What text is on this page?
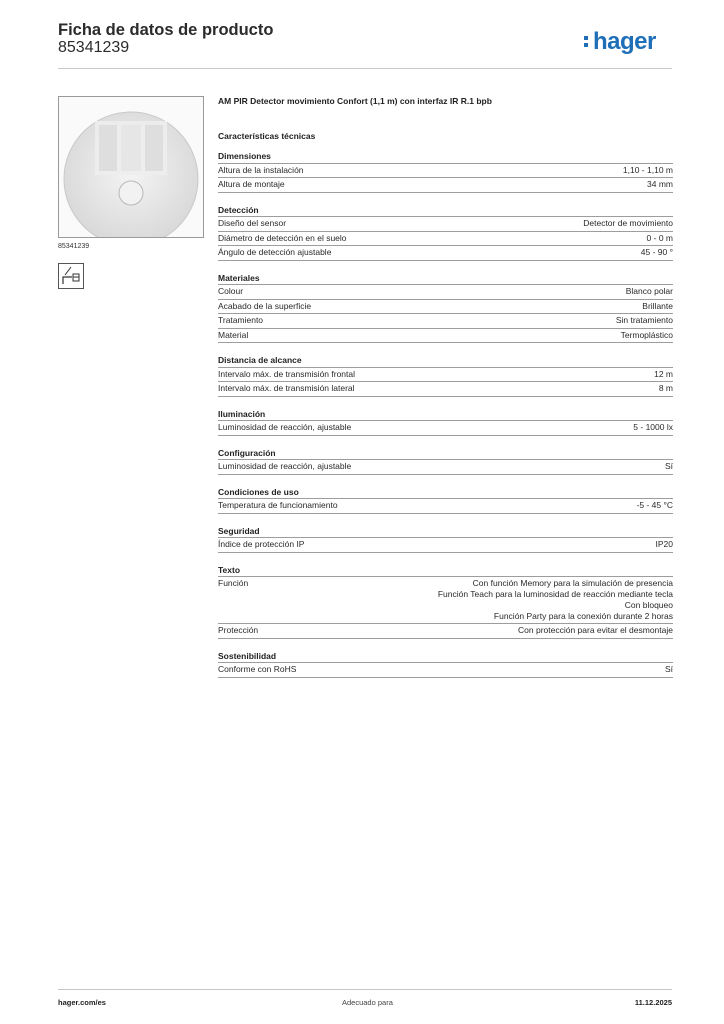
Ficha de datos de producto
85341239	hager
85341239
AM PIR Detector movimiento Confort (1,1 m) con interfaz IR R.1 bpb
Características técnicas
Dimensiones
Altura de la instalación	1,10 - 1,10 m
Altura de montaje	34 mm
Detección
Diseño del sensor	Detector de movimiento
Diámetro de detección en el suelo	0 - 0 m
Ángulo de detección ajustable	45 - 90 °
Materiales
Colour	Blanco polar
Acabado de la superficie	Brillante
Tratamiento	Sin tratamiento
Material	Termoplástico
Distancia de alcance
Intervalo máx. de transmisión frontal	12 m
Intervalo máx. de transmisión lateral	8 m
Iluminación
Luminosidad de reacción, ajustable	5 - 1000 lx
Configuración
Luminosidad de reacción, ajustable	Sí
Condiciones de uso
Temperatura de funcionamiento	-5 - 45 °C
Seguridad
Índice de protección IP	IP20
Texto
Función	Con función Memory para la simulación de presencia
Función Teach para la luminosidad de reacción mediante tecla
Con bloqueo
Función Party para la conexión durante 2 horas
Protección	Con protección para evitar el desmontaje
Sostenibilidad
Conforme con RoHS	Sí
hager.com/es	Adecuado para	11.12.2025
